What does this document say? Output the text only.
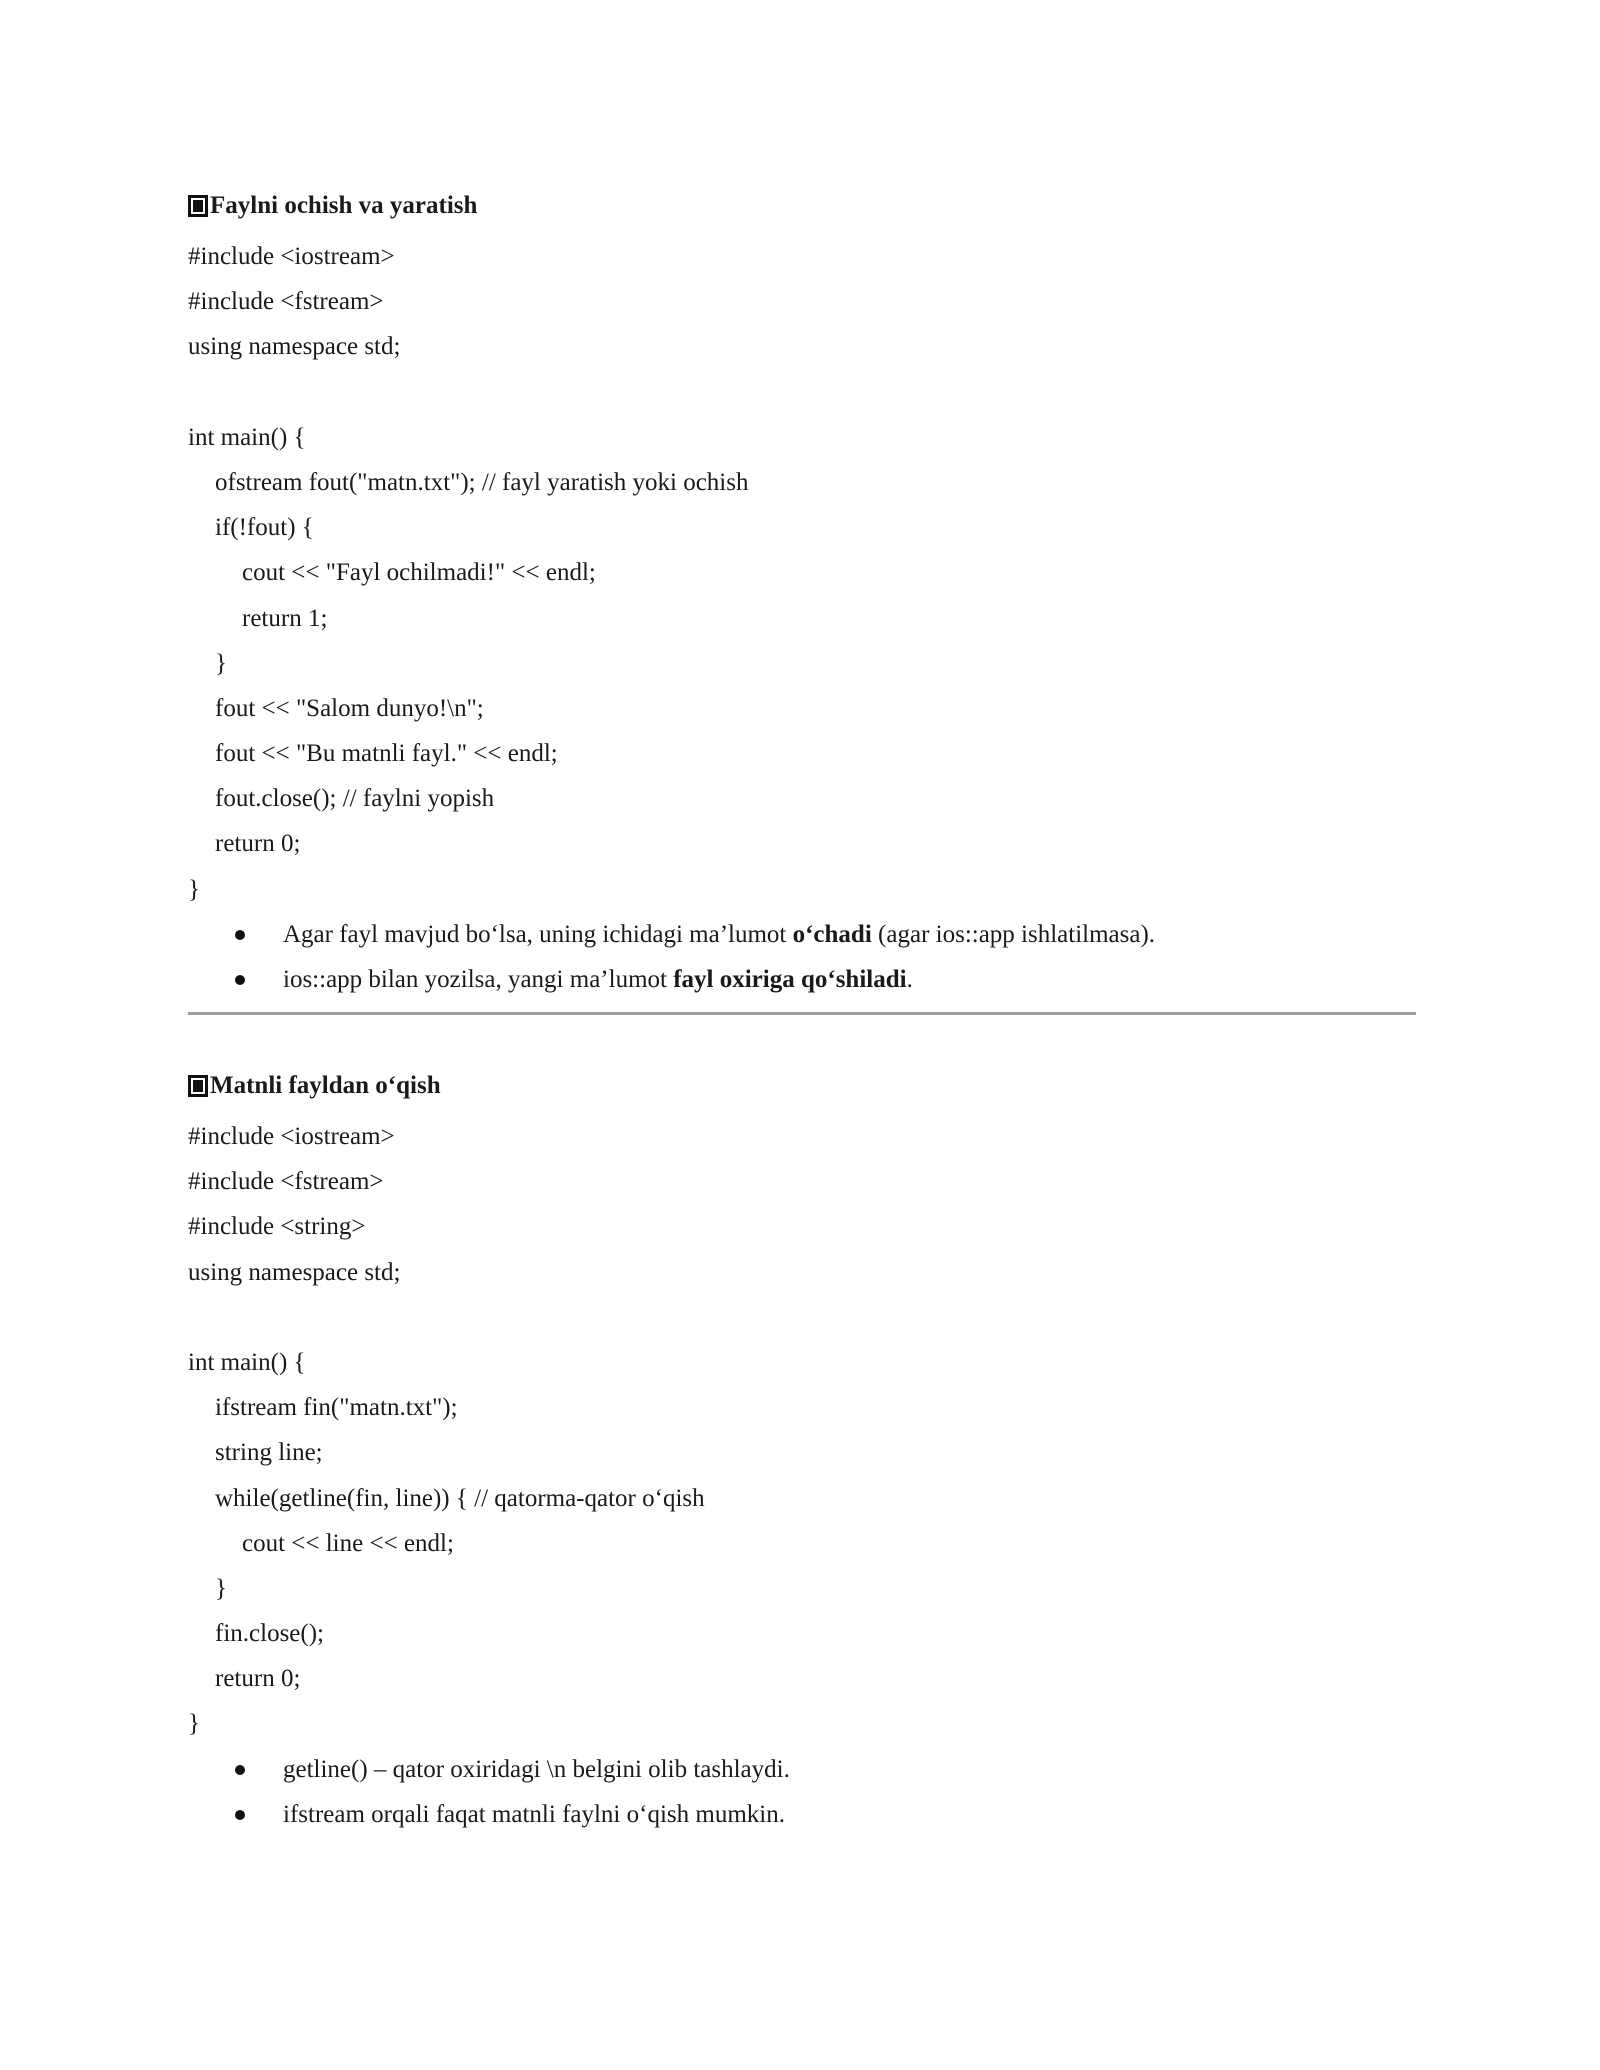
Faylni ochish va yaratish
#include <iostream>
#include <fstream>
using namespace std;
int main() {
ofstream fout("matn.txt"); // fayl yaratish yoki ochish
if(!fout) {
cout << "Fayl ochilmadi!" << endl;
return 1;
}
fout << "Salom dunyo!\n";
fout << "Bu matnli fayl." << endl;
fout.close(); // faylni yopish
return 0;
}
Agar fayl mavjud bo‘lsa, uning ichidagi ma’lumot o‘chadi (agar ios::app ishlatilmasa).
ios::app bilan yozilsa, yangi ma’lumot fayl oxiriga qo‘shiladi.
Matnli fayldan o‘qish
#include <iostream>
#include <fstream>
#include <string>
using namespace std;
int main() {
ifstream fin("matn.txt");
string line;
while(getline(fin, line)) { // qatorma-qator o‘qish
cout << line << endl;
}
fin.close();
return 0;
}
getline() – qator oxiridagi \n belgini olib tashlaydi.
ifstream orqali faqat matnli faylni o‘qish mumkin.
